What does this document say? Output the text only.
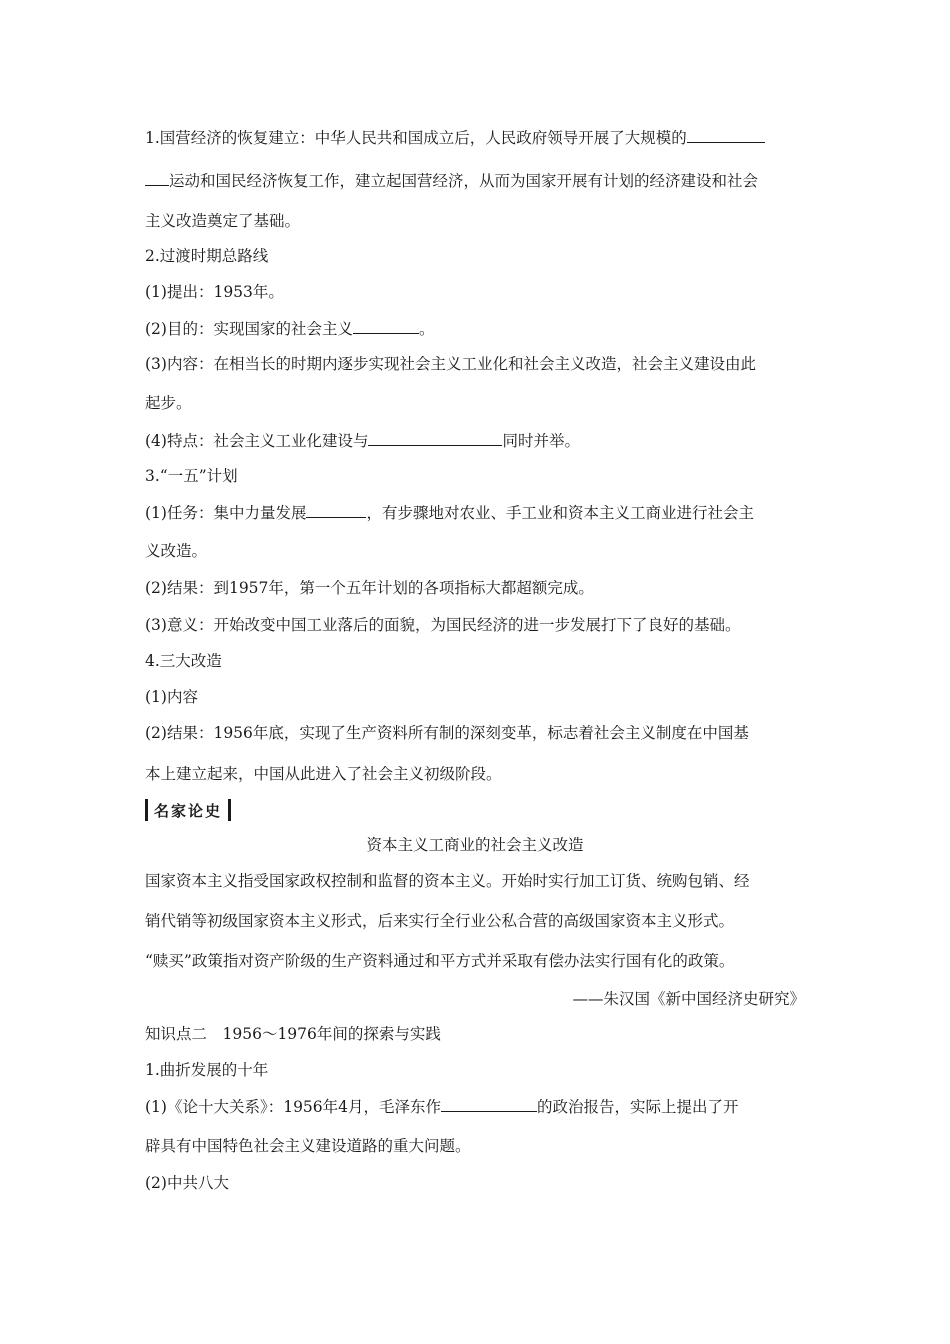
1.国营经济的恢复建立：中华人民共和国成立后，人民政府领导开展了大规模的
运动和国民经济恢复工作，建立起国营经济，从而为国家开展有计划的经济建设和社会
主义改造奠定了基础。
2.过渡时期总路线
(1)提出：1953年。
(2)目的：实现国家的社会主义	。
(3)内容：在相当长的时期内逐步实现社会主义工业化和社会主义改造，社会主义建设由此
起步。
(4)特点：社会主义工业化建设与	同时并举。
3.“一五”计划
(1)任务：集中力量发展	，有步骤地对农业、手工业和资本主义工商业进行社会主
义改造。
(2)结果：到1957年，第一个五年计划的各项指标大都超额完成。
(3)意义：开始改变中国工业落后的面貌，为国民经济的进一步发展打下了良好的基础。
4.三大改造
(1)内容
(2)结果：1956年底，实现了生产资料所有制的深刻变革，标志着社会主义制度在中国基
本上建立起来，中国从此进入了社会主义初级阶段。
名家论史
资本主义工商业的社会主义改造
国家资本主义指受国家政权控制和监督的资本主义。开始时实行加工订货、统购包销、经
销代销等初级国家资本主义形式，后来实行全行业公私合营的高级国家资本主义形式。
“赎买”政策指对资产阶级的生产资料通过和平方式并采取有偿办法实行国有化的政策。
——朱汉国《新中国经济史研究》
知识点二　1956～1976年间的探索与实践
1.曲折发展的十年
(1)《论十大关系》：1956年4月，毛泽东作	的政治报告，实际上提出了开
辟具有中国特色社会主义建设道路的重大问题。
(2)中共八大
